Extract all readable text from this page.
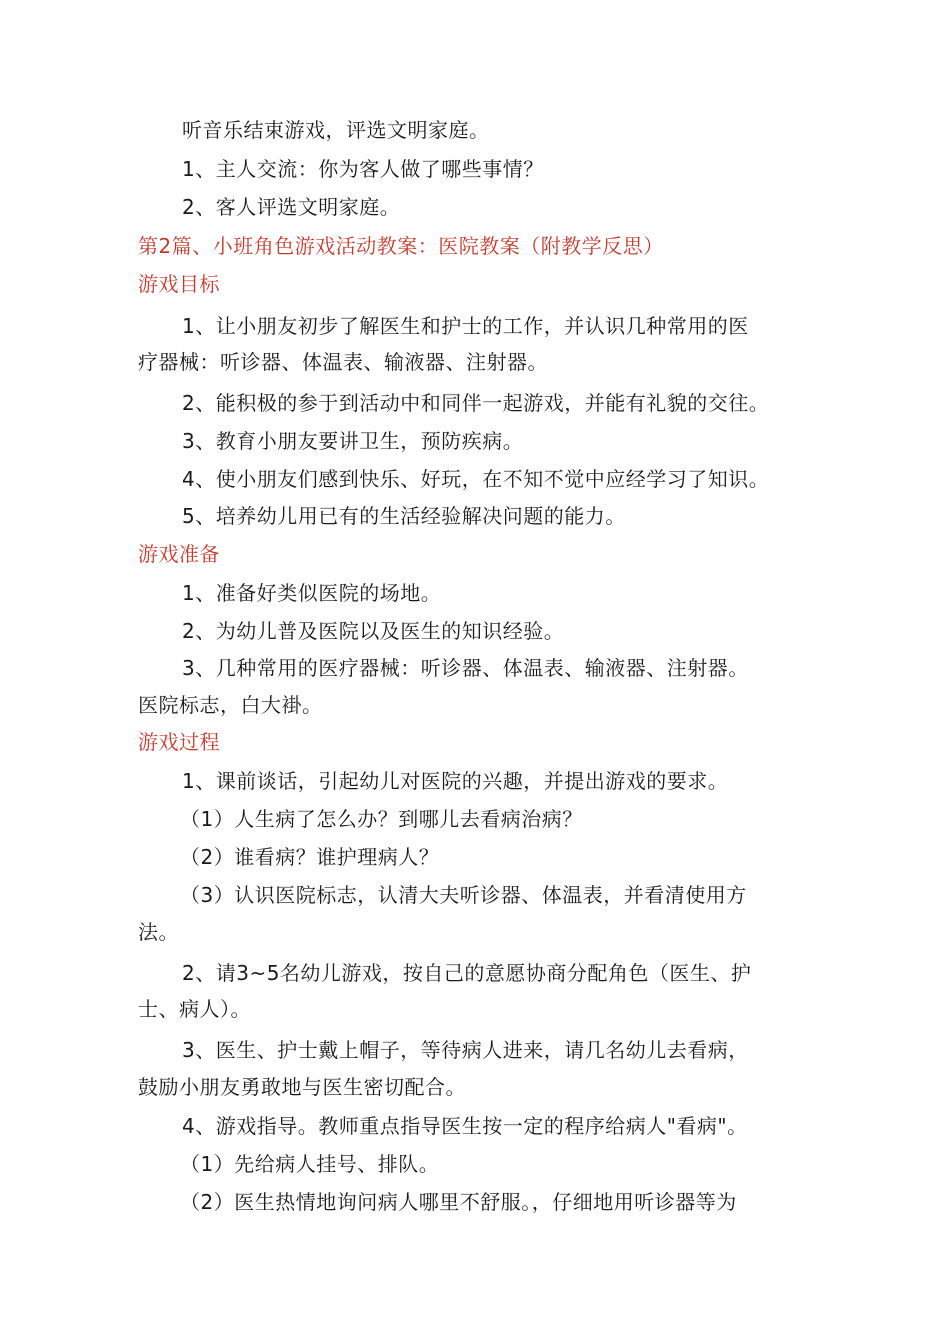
听音乐结束游戏，评选文明家庭。
1、主人交流：你为客人做了哪些事情？
2、客人评选文明家庭。
第2篇、小班角色游戏活动教案：医院教案（附教学反思）
游戏目标
1、让小朋友初步了解医生和护士的工作，并认识几种常用的医
疗器械：听诊器、体温表、输液器、注射器。
2、能积极的参于到活动中和同伴一起游戏，并能有礼貌的交往。
3、教育小朋友要讲卫生，预防疾病。
4、使小朋友们感到快乐、好玩，在不知不觉中应经学习了知识。
5、培养幼儿用已有的生活经验解决问题的能力。
游戏准备
1、准备好类似医院的场地。
2、为幼儿普及医院以及医生的知识经验。
3、几种常用的医疗器械：听诊器、体温表、输液器、注射器。
医院标志，白大褂。
游戏过程
1、课前谈话，引起幼儿对医院的兴趣，并提出游戏的要求。
（1）人生病了怎么办？到哪儿去看病治病？
（2）谁看病？谁护理病人？
（3）认识医院标志，认清大夫听诊器、体温表，并看清使用方
法。
2、请3~5名幼儿游戏，按自己的意愿协商分配角色（医生、护
士、病人）。
3、医生、护士戴上帽子，等待病人进来，请几名幼儿去看病，
鼓励小朋友勇敢地与医生密切配合。
4、游戏指导。教师重点指导医生按一定的程序给病人"看病"。
（1）先给病人挂号、排队。
（2）医生热情地询问病人哪里不舒服。，仔细地用听诊器等为
